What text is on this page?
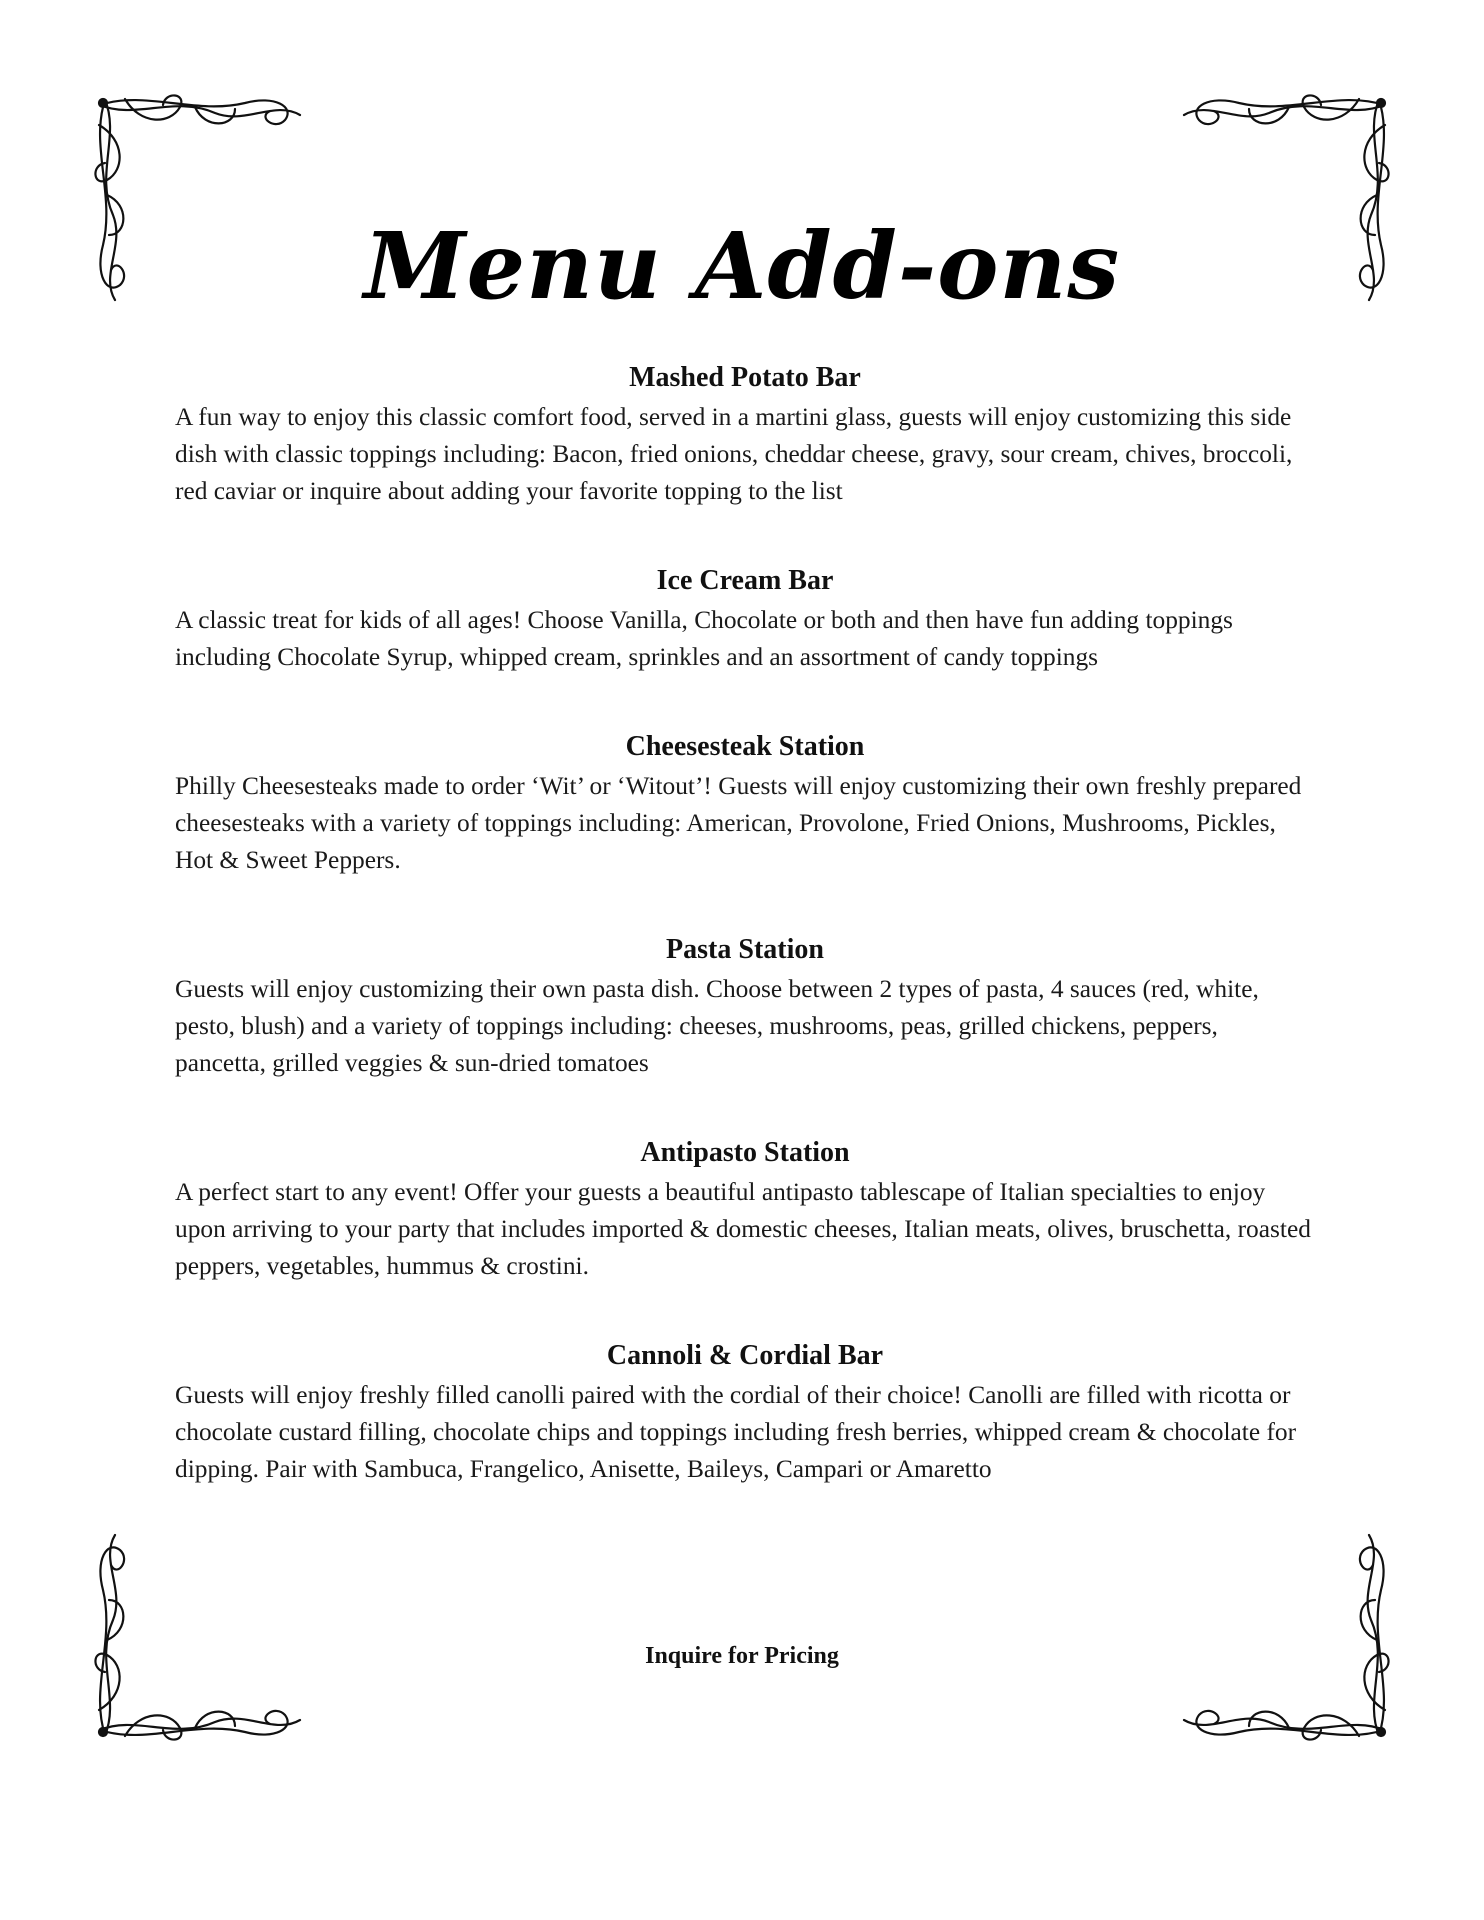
Menu Add-ons
Mashed Potato Bar

A fun way to enjoy this classic comfort food, served in a martini glass, guests will enjoy customizing this side dish with classic toppings including: Bacon, fried onions, cheddar cheese, gravy, sour cream, chives, broccoli, red caviar or inquire about adding your favorite topping to the list

Ice Cream Bar

A classic treat for kids of all ages! Choose Vanilla, Chocolate or both and then have fun adding toppings including Chocolate Syrup, whipped cream, sprinkles and an assortment of candy toppings

Cheesesteak Station

Philly Cheesesteaks made to order ‘Wit’ or ‘Witout’! Guests will enjoy customizing their own freshly prepared cheesesteaks with a variety of toppings including: American, Provolone, Fried Onions, Mushrooms, Pickles, Hot & Sweet Peppers.

Pasta Station

Guests will enjoy customizing their own pasta dish. Choose between 2 types of pasta, 4 sauces (red, white, pesto, blush) and a variety of toppings including: cheeses, mushrooms, peas, grilled chickens, peppers, pancetta, grilled veggies & sun-dried tomatoes

Antipasto Station

A perfect start to any event! Offer your guests a beautiful antipasto tablescape of Italian specialties to enjoy upon arriving to your party that includes imported & domestic cheeses, Italian meats, olives, bruschetta, roasted peppers, vegetables, hummus & crostini.

Cannoli & Cordial Bar

Guests will enjoy freshly filled canolli paired with the cordial of their choice! Canolli are filled with ricotta or chocolate custard filling, chocolate chips and toppings including fresh berries, whipped cream & chocolate for dipping. Pair with Sambuca, Frangelico, Anisette, Baileys, Campari or Amaretto

Inquire for Pricing
